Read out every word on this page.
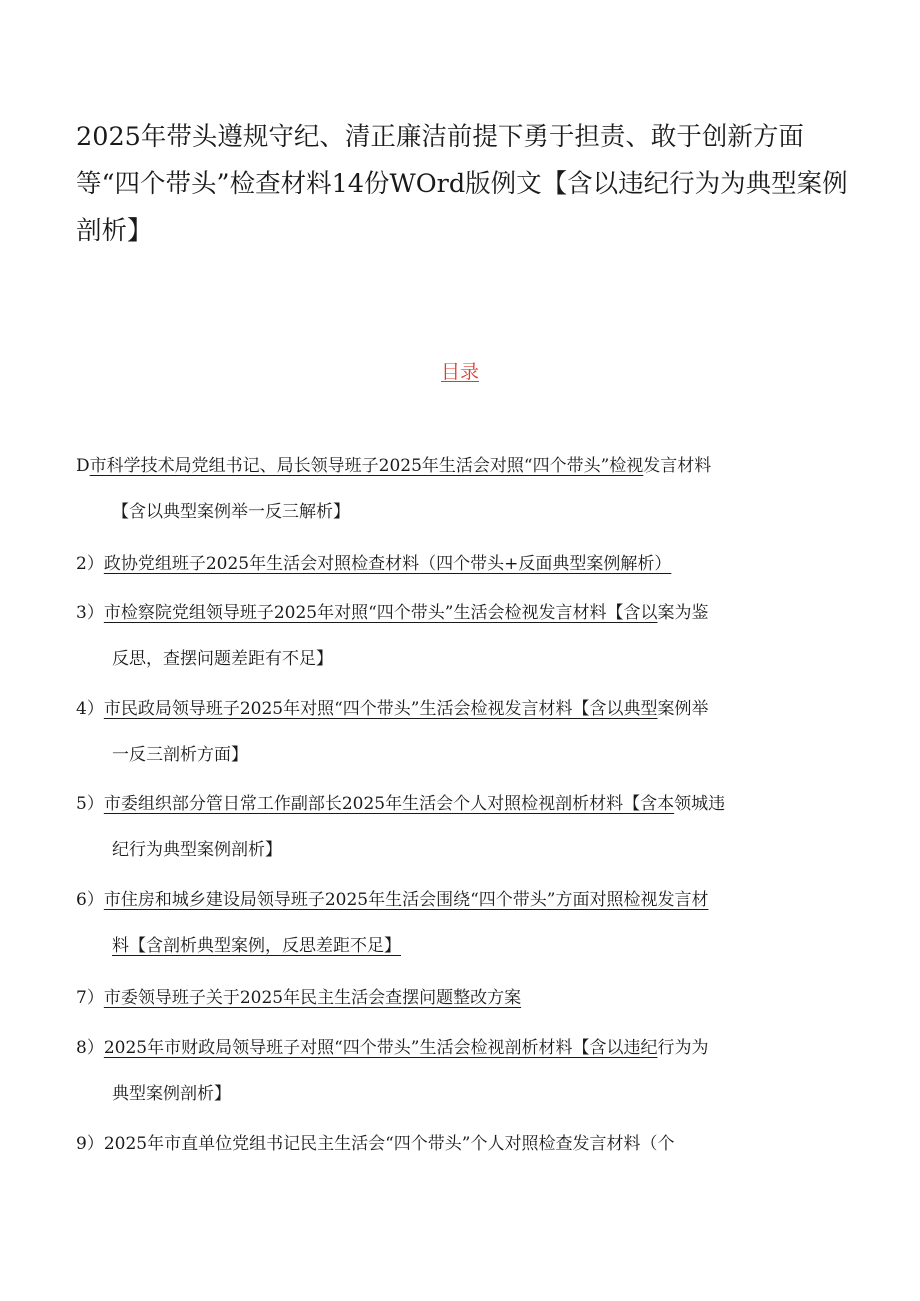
2025年带头遵规守纪、清正廉洁前提下勇于担责、敢于创新方面等“四个带头”检查材料14份WOrd版例文【含以违纪行为为典型案例剖析】
目录
D市科学技术局党组书记、局长领导班子2025年生活会对照“四个带头”检视发言材料
【含以典型案例举一反三解析】
2）政协党组班子2025年生活会对照检查材料（四个带头+反面典型案例解析）
3）市检察院党组领导班子2025年对照“四个带头”生活会检视发言材料【含以案为鉴
反思，查摆问题差距有不足】
4）市民政局领导班子2025年对照“四个带头”生活会检视发言材料【含以典型案例举
一反三剖析方面】
5）市委组织部分管日常工作副部长2025年生活会个人对照检视剖析材料【含本领城违
纪行为典型案例剖析】
6）市住房和城乡建设局领导班子2025年生活会围绕“四个带头”方面对照检视发言材
料【含剖析典型案例，反思差距不足】
7）市委领导班子关于2025年民主生活会查摆问题整改方案
8）2025年市财政局领导班子对照“四个带头”生活会检视剖析材料【含以违纪行为为
典型案例剖析】
9）2025年市直单位党组书记民主生活会“四个带头”个人对照检查发言材料（个
